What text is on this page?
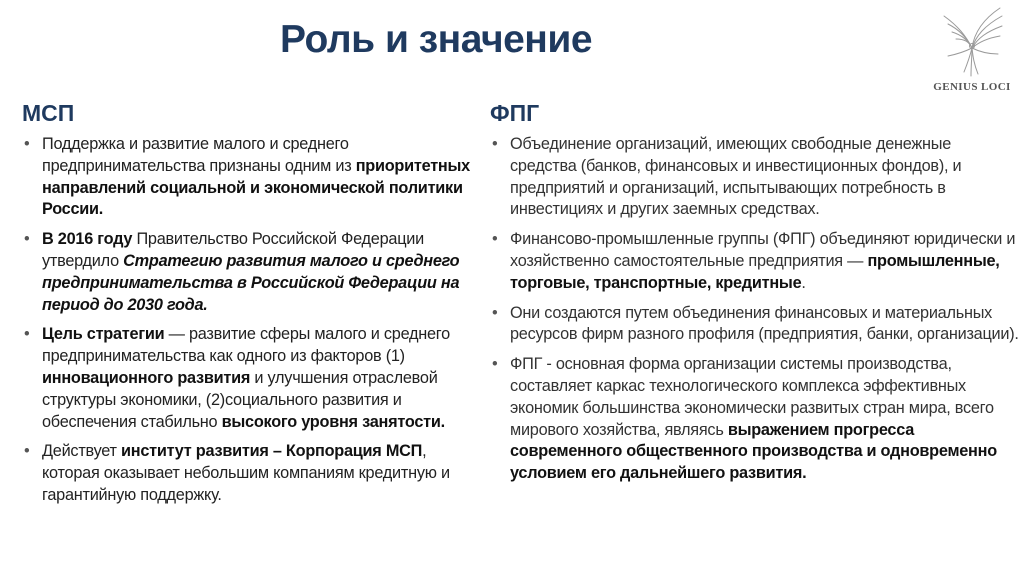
Роль и значение
GENIUS LOCI
МСП
• Поддержка и развитие малого и среднего предпринимательства признаны одним из приоритетных направлений социальной и экономической политики России.
• В 2016 году Правительство Российской Федерации утвердило Стратегию развития малого и среднего предпринимательства в Российской Федерации на период до 2030 года.
• Цель стратегии — развитие сферы малого и среднего предпринимательства как одного из факторов (1) инновационного развития и улучшения отраслевой структуры экономики, (2)социального развития и обеспечения стабильно высокого уровня занятости.
• Действует институт развития – Корпорация МСП, которая оказывает небольшим компаниям кредитную и гарантийную поддержку.
ФПГ
• Объединение организаций, имеющих свободные денежные средства (банков, финансовых и инвестиционных фондов), и предприятий и организаций, испытывающих потребность в инвестициях и других заемных средствах.
• Финансово-промышленные группы (ФПГ) объединяют юридически и хозяйственно самостоятельные предприятия — промышленные, торговые, транспортные, кредитные.
• Они создаются путем объединения финансовых и материальных ресурсов фирм разного профиля (предприятия, банки, организации).
• ФПГ - основная форма организации системы производства, составляет каркас технологического комплекса эффективных экономик большинства экономически развитых стран мира, всего мирового хозяйства, являясь выражением прогресса современного общественного производства и одновременно условием его дальнейшего развития.
